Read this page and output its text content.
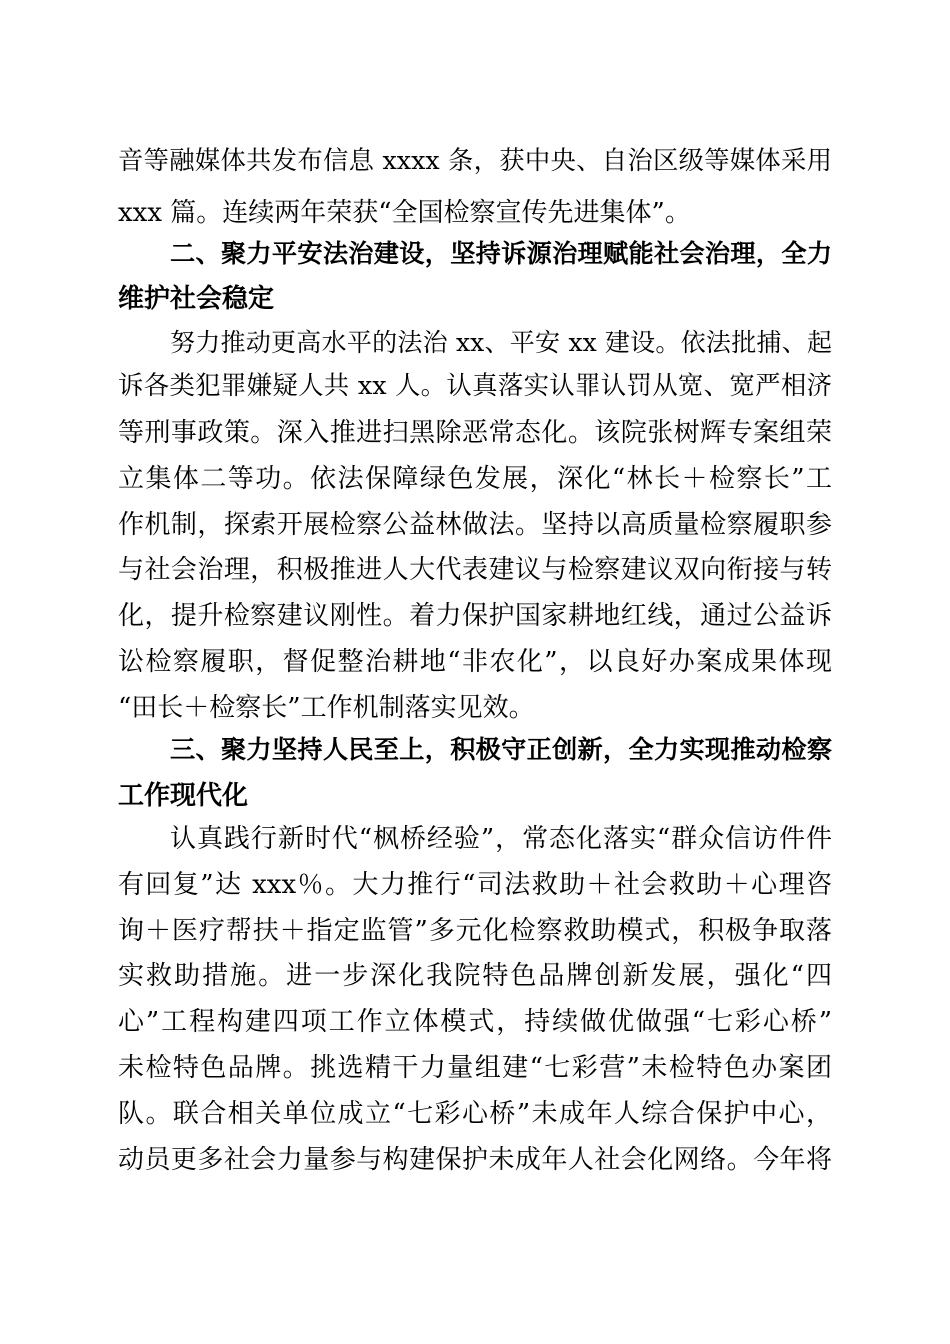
音等融媒体共发布信息 xxxx 条，获中央、自治区级等媒体采用
xxx 篇。连续两年荣获“全国检察宣传先进集体”。
二、聚力平安法治建设，坚持诉源治理赋能社会治理，全力
维护社会稳定
努力推动更高水平的法治 xx、平安 xx 建设。依法批捕、起
诉各类犯罪嫌疑人共 xx 人。认真落实认罪认罚从宽、宽严相济
等刑事政策。深入推进扫黑除恶常态化。该院张树辉专案组荣
立集体二等功。依法保障绿色发展，深化“林长＋检察长”工
作机制，探索开展检察公益林做法。坚持以高质量检察履职参
与社会治理，积极推进人大代表建议与检察建议双向衔接与转
化，提升检察建议刚性。着力保护国家耕地红线，通过公益诉
讼检察履职，督促整治耕地“非农化”，以良好办案成果体现
“田长＋检察长”工作机制落实见效。
三、聚力坚持人民至上，积极守正创新，全力实现推动检察
工作现代化
认真践行新时代“枫桥经验”，常态化落实“群众信访件件
有回复”达 xxx％。大力推行“司法救助＋社会救助＋心理咨
询＋医疗帮扶＋指定监管”多元化检察救助模式，积极争取落
实救助措施。进一步深化我院特色品牌创新发展，强化“四
心”工程构建四项工作立体模式，持续做优做强“七彩心桥”
未检特色品牌。挑选精干力量组建“七彩营”未检特色办案团
队。联合相关单位成立“七彩心桥”未成年人综合保护中心，
动员更多社会力量参与构建保护未成年人社会化网络。今年将
